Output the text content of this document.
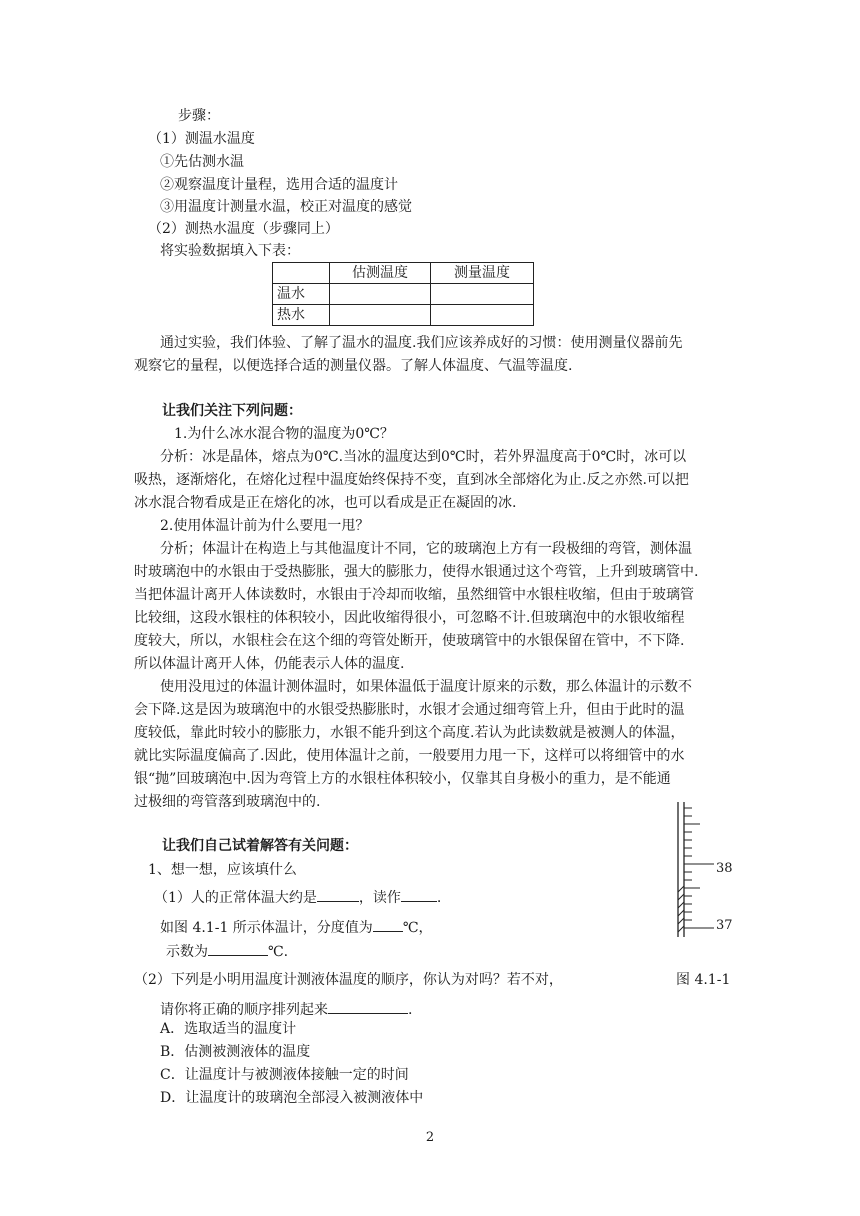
步骤：
（1）测温水温度
①先估测水温
②观察温度计量程，选用合适的温度计
③用温度计测量水温，校正对温度的感觉
（2）测热水温度（步骤同上）
将实验数据填入下表：
	估测温度	测量温度
温水		
热水		
通过实验，我们体验、了解了温水的温度.我们应该养成好的习惯：使用测量仪器前先
观察它的量程，以便选择合适的测量仪器。了解人体温度、气温等温度.
让我们关注下列问题：
1.为什么冰水混合物的温度为0℃？
分析：冰是晶体，熔点为0℃.当冰的温度达到0℃时，若外界温度高于0℃时，冰可以
吸热，逐渐熔化，在熔化过程中温度始终保持不变，直到冰全部熔化为止.反之亦然.可以把
冰水混合物看成是正在熔化的冰，也可以看成是正在凝固的冰.
2.使用体温计前为什么要甩一甩？
分析；体温计在构造上与其他温度计不同，它的玻璃泡上方有一段极细的弯管，测体温
时玻璃泡中的水银由于受热膨胀，强大的膨胀力，使得水银通过这个弯管，上升到玻璃管中.
当把体温计离开人体读数时，水银由于冷却而收缩，虽然细管中水银柱收缩，但由于玻璃管
比较细，这段水银柱的体积较小，因此收缩得很小，可忽略不计.但玻璃泡中的水银收缩程
度较大，所以，水银柱会在这个细的弯管处断开，使玻璃管中的水银保留在管中，不下降.
所以体温计离开人体，仍能表示人体的温度.
使用没甩过的体温计测体温时，如果体温低于温度计原来的示数，那么体温计的示数不
会下降.这是因为玻璃泡中的水银受热膨胀时，水银才会通过细弯管上升，但由于此时的温
度较低，靠此时较小的膨胀力，水银不能升到这个高度.若认为此读数就是被测人的体温，
就比实际温度偏高了.因此，使用体温计之前，一般要用力甩一下，这样可以将细管中的水
银“抛”回玻璃泡中.因为弯管上方的水银柱体积较小，仅靠其自身极小的重力，是不能通
过极细的弯管落到玻璃泡中的.
让我们自己试着解答有关问题：
1、想一想，应该填什么
（1）人的正常体温大约是	，读作	.
如图 4.1-1 所示体温计，分度值为 ℃，
示数为	℃.
（2）下列是小明用温度计测液体温度的顺序，你认为对吗？若不对，	图 4.1-1
请你将正确的顺序排列起来	.
A．选取适当的温度计
B．估测被测液体的温度
C．让温度计与被测液体接触一定的时间
D．让温度计的玻璃泡全部浸入被测液体中
38
37
2
